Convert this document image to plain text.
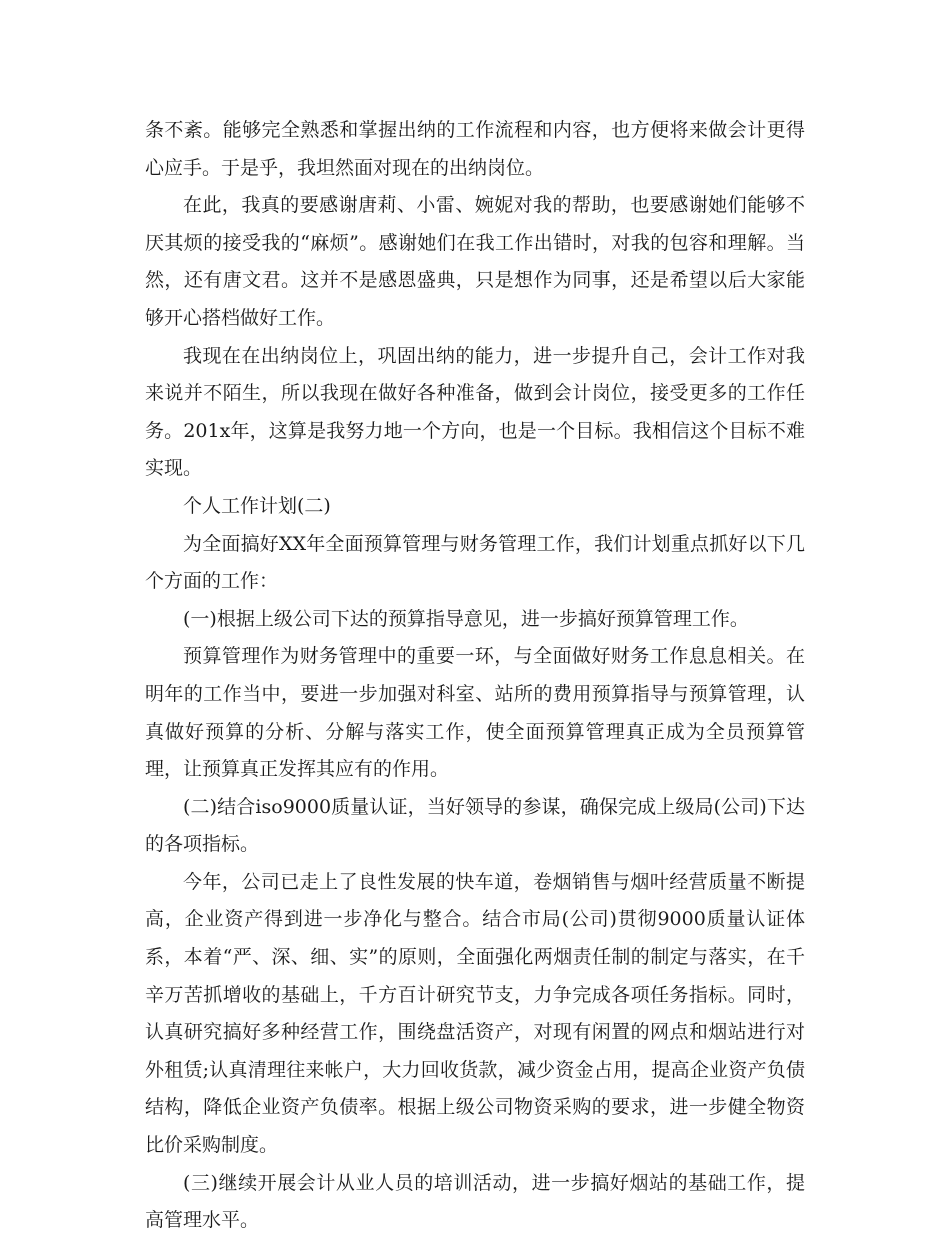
条不紊。能够完全熟悉和掌握出纳的工作流程和内容，也方便将来做会计更得心应手。于是乎，我坦然面对现在的出纳岗位。

在此，我真的要感谢唐莉、小雷、婉妮对我的帮助，也要感谢她们能够不厌其烦的接受我的“麻烦”。感谢她们在我工作出错时，对我的包容和理解。当然，还有唐文君。这并不是感恩盛典，只是想作为同事，还是希望以后大家能够开心搭档做好工作。

我现在在出纳岗位上，巩固出纳的能力，进一步提升自己，会计工作对我来说并不陌生，所以我现在做好各种准备，做到会计岗位，接受更多的工作任务。201x年，这算是我努力地一个方向，也是一个目标。我相信这个目标不难实现。

个人工作计划(二)

为全面搞好XX年全面预算管理与财务管理工作，我们计划重点抓好以下几个方面的工作：

(一)根据上级公司下达的预算指导意见，进一步搞好预算管理工作。

预算管理作为财务管理中的重要一环，与全面做好财务工作息息相关。在明年的工作当中，要进一步加强对科室、站所的费用预算指导与预算管理，认真做好预算的分析、分解与落实工作，使全面预算管理真正成为全员预算管理，让预算真正发挥其应有的作用。

(二)结合iso9000质量认证，当好领导的参谋，确保完成上级局(公司)下达的各项指标。

今年，公司已走上了良性发展的快车道，卷烟销售与烟叶经营质量不断提高，企业资产得到进一步净化与整合。结合市局(公司)贯彻9000质量认证体系，本着“严、深、细、实”的原则，全面强化两烟责任制的制定与落实，在千辛万苦抓增收的基础上，千方百计研究节支，力争完成各项任务指标。同时，认真研究搞好多种经营工作，围绕盘活资产，对现有闲置的网点和烟站进行对外租赁;认真清理往来帐户，大力回收货款，减少资金占用，提高企业资产负债结构，降低企业资产负债率。根据上级公司物资采购的要求，进一步健全物资比价采购制度。

(三)继续开展会计从业人员的培训活动，进一步搞好烟站的基础工作，提高管理水平。
